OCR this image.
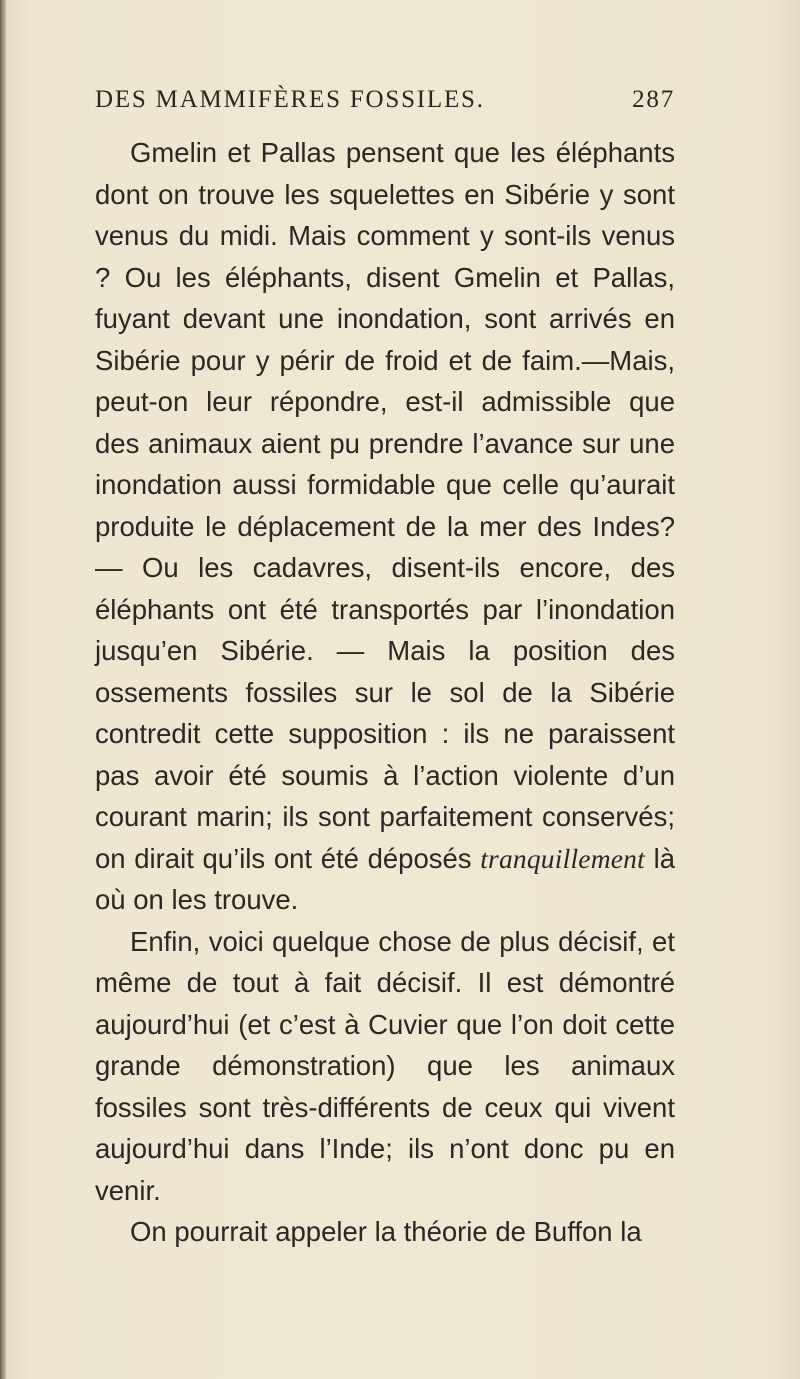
DES MAMMIFÈRES FOSSILES.	287

Gmelin et Pallas pensent que les éléphants dont on trouve les squelettes en Sibérie y sont venus du midi. Mais comment y sont-ils venus ? Ou les éléphants, disent Gmelin et Pallas, fuyant devant une inondation, sont arrivés en Sibérie pour y périr de froid et de faim.—Mais, peut-on leur répondre, est-il admissible que des animaux aient pu prendre l’avance sur une inondation aussi formidable que celle qu’aurait produite le déplacement de la mer des Indes? — Ou les cadavres, disent-ils encore, des éléphants ont été transportés par l’inondation jusqu’en Sibérie. — Mais la position des ossements fossiles sur le sol de la Sibérie contredit cette supposition : ils ne paraissent pas avoir été soumis à l’action violente d’un courant marin; ils sont parfaitement conservés; on dirait qu’ils ont été déposés tranquillement là où on les trouve.

Enfin, voici quelque chose de plus décisif, et même de tout à fait décisif. Il est démontré aujourd’hui (et c’est à Cuvier que l’on doit cette grande démonstration) que les animaux fossiles sont très-différents de ceux qui vivent aujourd’hui dans l’Inde; ils n’ont donc pu en venir.

On pourrait appeler la théorie de Buffon la
